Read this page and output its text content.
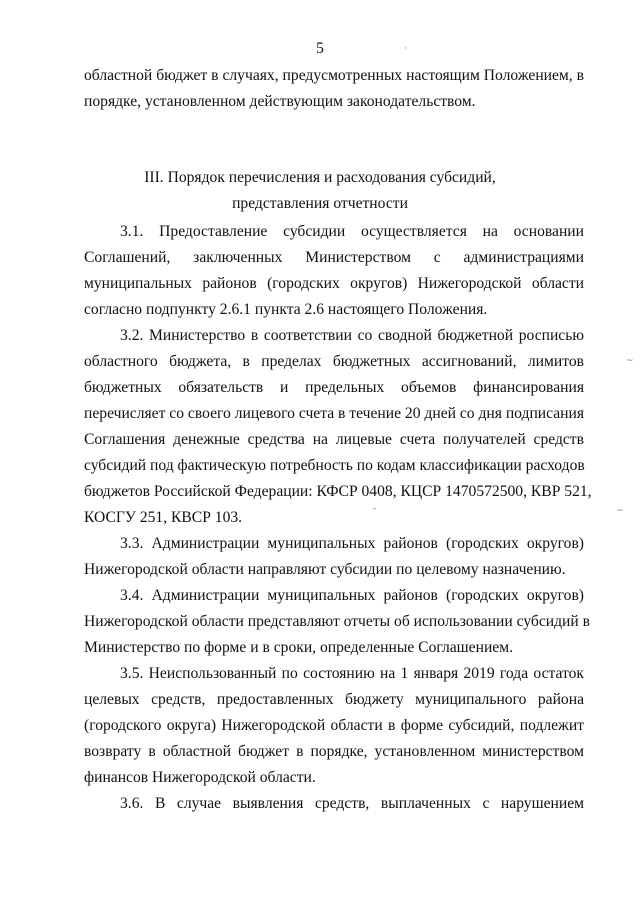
5
областной бюджет в случаях, предусмотренных настоящим Положением, в
порядке, установленном действующим законодательством.
III. Порядок перечисления и расходования субсидий,
представления отчетности
3.1. Предоставление субсидии осуществляется на основании
Соглашений, заключенных Министерством с администрациями
муниципальных районов (городских округов) Нижегородской области
согласно подпункту 2.6.1 пункта 2.6 настоящего Положения.
3.2. Министерство в соответствии со сводной бюджетной росписью
областного бюджета, в пределах бюджетных ассигнований, лимитов
бюджетных обязательств и предельных объемов финансирования
перечисляет со своего лицевого счета в течение 20 дней со дня подписания
Соглашения денежные средства на лицевые счета получателей средств
субсидий под фактическую потребность по кодам классификации расходов
бюджетов Российской Федерации: КФСР 0408, КЦСР 1470572500, КВР 521,
КОСГУ 251, КВСР 103.
3.3. Администрации муниципальных районов (городских округов)
Нижегородской области направляют субсидии по целевому назначению.
3.4. Администрации муниципальных районов (городских округов)
Нижегородской области представляют отчеты об использовании субсидий в
Министерство по форме и в сроки, определенные Соглашением.
3.5. Неиспользованный по состоянию на 1 января 2019 года остаток
целевых средств, предоставленных бюджету муниципального района
(городского округа) Нижегородской области в форме субсидий, подлежит
возврату в областной бюджет в порядке, установленном министерством
финансов Нижегородской области.
3.6. В случае выявления средств, выплаченных с нарушением
·
~
˜	~
